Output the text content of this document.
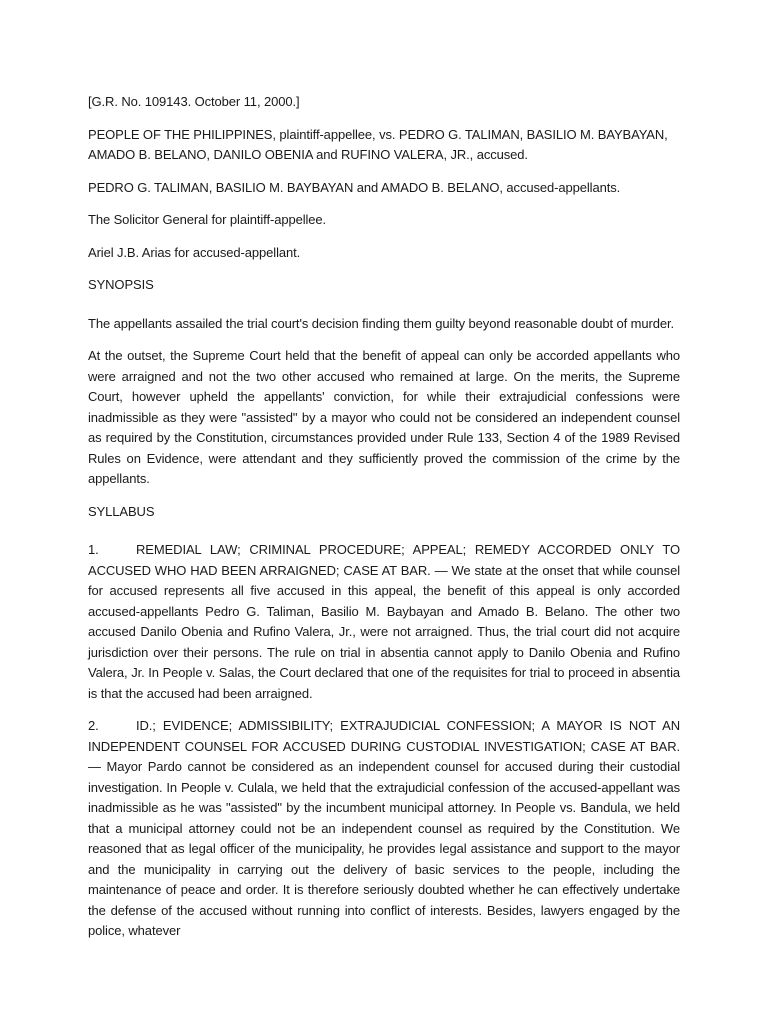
[G.R. No. 109143. October 11, 2000.]

PEOPLE OF THE PHILIPPINES, plaintiff-appellee, vs. PEDRO G. TALIMAN, BASILIO M. BAYBAYAN, AMADO B. BELANO, DANILO OBENIA and RUFINO VALERA, JR., accused.

PEDRO G. TALIMAN, BASILIO M. BAYBAYAN and AMADO B. BELANO, accused-appellants.

The Solicitor General for plaintiff-appellee.

Ariel J.B. Arias for accused-appellant.

SYNOPSIS

The appellants assailed the trial court's decision finding them guilty beyond reasonable doubt of murder.

At the outset, the Supreme Court held that the benefit of appeal can only be accorded appellants who were arraigned and not the two other accused who remained at large. On the merits, the Supreme Court, however upheld the appellants' conviction, for while their extrajudicial confessions were inadmissible as they were "assisted" by a mayor who could not be considered an independent counsel as required by the Constitution, circumstances provided under Rule 133, Section 4 of the 1989 Revised Rules on Evidence, were attendant and they sufficiently proved the commission of the crime by the appellants.

SYLLABUS

1.	REMEDIAL LAW; CRIMINAL PROCEDURE; APPEAL; REMEDY ACCORDED ONLY TO ACCUSED WHO HAD BEEN ARRAIGNED; CASE AT BAR. — We state at the onset that while counsel for accused represents all five accused in this appeal, the benefit of this appeal is only accorded accused-appellants Pedro G. Taliman, Basilio M. Baybayan and Amado B. Belano. The other two accused Danilo Obenia and Rufino Valera, Jr., were not arraigned. Thus, the trial court did not acquire jurisdiction over their persons. The rule on trial in absentia cannot apply to Danilo Obenia and Rufino Valera, Jr. In People v. Salas, the Court declared that one of the requisites for trial to proceed in absentia is that the accused had been arraigned.

2.	ID.; EVIDENCE; ADMISSIBILITY; EXTRAJUDICIAL CONFESSION; A MAYOR IS NOT AN INDEPENDENT COUNSEL FOR ACCUSED DURING CUSTODIAL INVESTIGATION; CASE AT BAR. — Mayor Pardo cannot be considered as an independent counsel for accused during their custodial investigation. In People v. Culala, we held that the extrajudicial confession of the accused-appellant was inadmissible as he was "assisted" by the incumbent municipal attorney. In People vs. Bandula, we held that a municipal attorney could not be an independent counsel as required by the Constitution. We reasoned that as legal officer of the municipality, he provides legal assistance and support to the mayor and the municipality in carrying out the delivery of basic services to the people, including the maintenance of peace and order. It is therefore seriously doubted whether he can effectively undertake the defense of the accused without running into conflict of interests. Besides, lawyers engaged by the police, whatever
